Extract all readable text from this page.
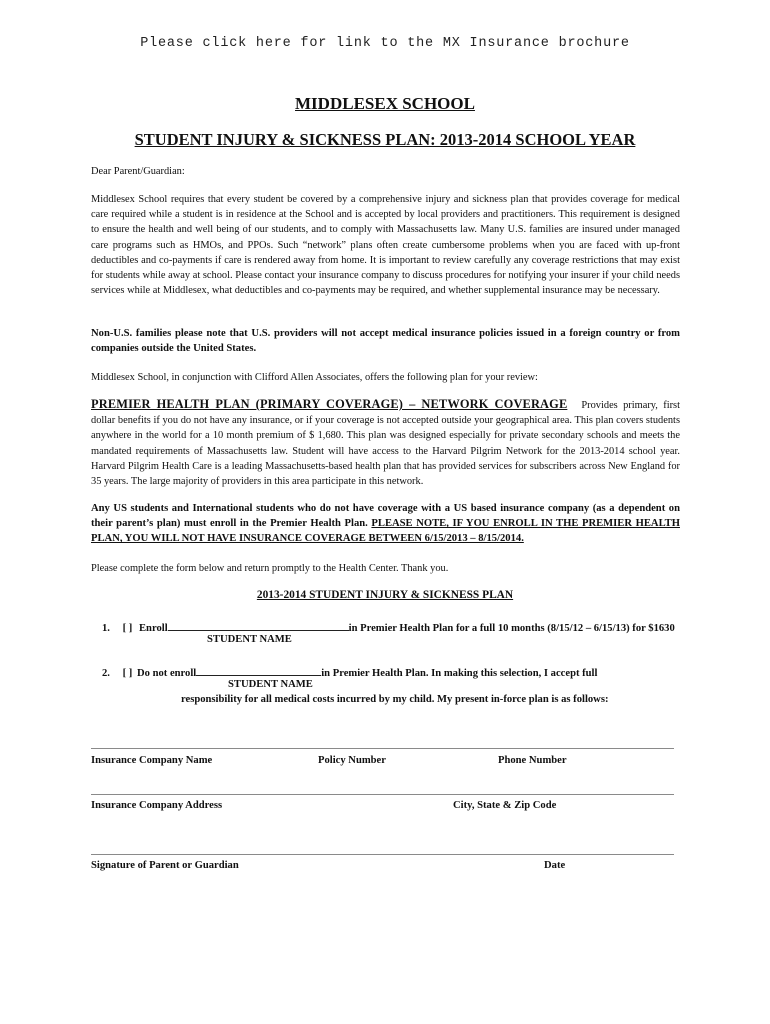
Please click here for link to the MX Insurance brochure
MIDDLESEX SCHOOL
STUDENT INJURY & SICKNESS PLAN: 2013-2014 SCHOOL YEAR
Dear Parent/Guardian:
Middlesex School requires that every student be covered by a comprehensive injury and sickness plan that provides coverage for medical care required while a student is in residence at the School and is accepted by local providers and practitioners. This requirement is designed to ensure the health and well being of our students, and to comply with Massachusetts law. Many U.S. families are insured under managed care programs such as HMOs, and PPOs. Such “network” plans often create cumbersome problems when you are faced with up-front deductibles and co-payments if care is rendered away from home. It is important to review carefully any coverage restrictions that may exist for students while away at school. Please contact your insurance company to discuss procedures for notifying your insurer if your child needs services while at Middlesex, what deductibles and co-payments may be required, and whether supplemental insurance may be necessary.
Non-U.S. families please note that U.S. providers will not accept medical insurance policies issued in a foreign country or from companies outside the United States.
Middlesex School, in conjunction with Clifford Allen Associates, offers the following plan for your review:
PREMIER HEALTH PLAN (PRIMARY COVERAGE) – NETWORK COVERAGE Provides primary, first dollar benefits if you do not have any insurance, or if your coverage is not accepted outside your geographical area. This plan covers students anywhere in the world for a 10 month premium of $ 1,680. This plan was designed especially for private secondary schools and meets the mandated requirements of Massachusetts law. Student will have access to the Harvard Pilgrim Network for the 2013-2014 school year. Harvard Pilgrim Health Care is a leading Massachusetts-based health plan that has provided services for subscribers across New England for 35 years. The large majority of providers in this area participate in this network.
Any US students and International students who do not have coverage with a US based insurance company (as a dependent on their parent’s plan) must enroll in the Premier Health Plan. PLEASE NOTE, IF YOU ENROLL IN THE PREMIER HEALTH PLAN, YOU WILL NOT HAVE INSURANCE COVERAGE BETWEEN 6/15/2013 – 8/15/2014.
Please complete the form below and return promptly to the Health Center. Thank you.
2013-2014 STUDENT INJURY & SICKNESS PLAN
1. [ ] Enroll	in Premier Health Plan for a full 10 months (8/15/12 – 6/15/13) for $1630
STUDENT NAME
2. [ ] Do not enroll	in Premier Health Plan. In making this selection, I accept full
STUDENT NAME
responsibility for all medical costs incurred by my child. My present in-force plan is as follows:
Insurance Company Name	Policy Number	Phone Number
Insurance Company Address	City, State & Zip Code
Signature of Parent or Guardian	Date
